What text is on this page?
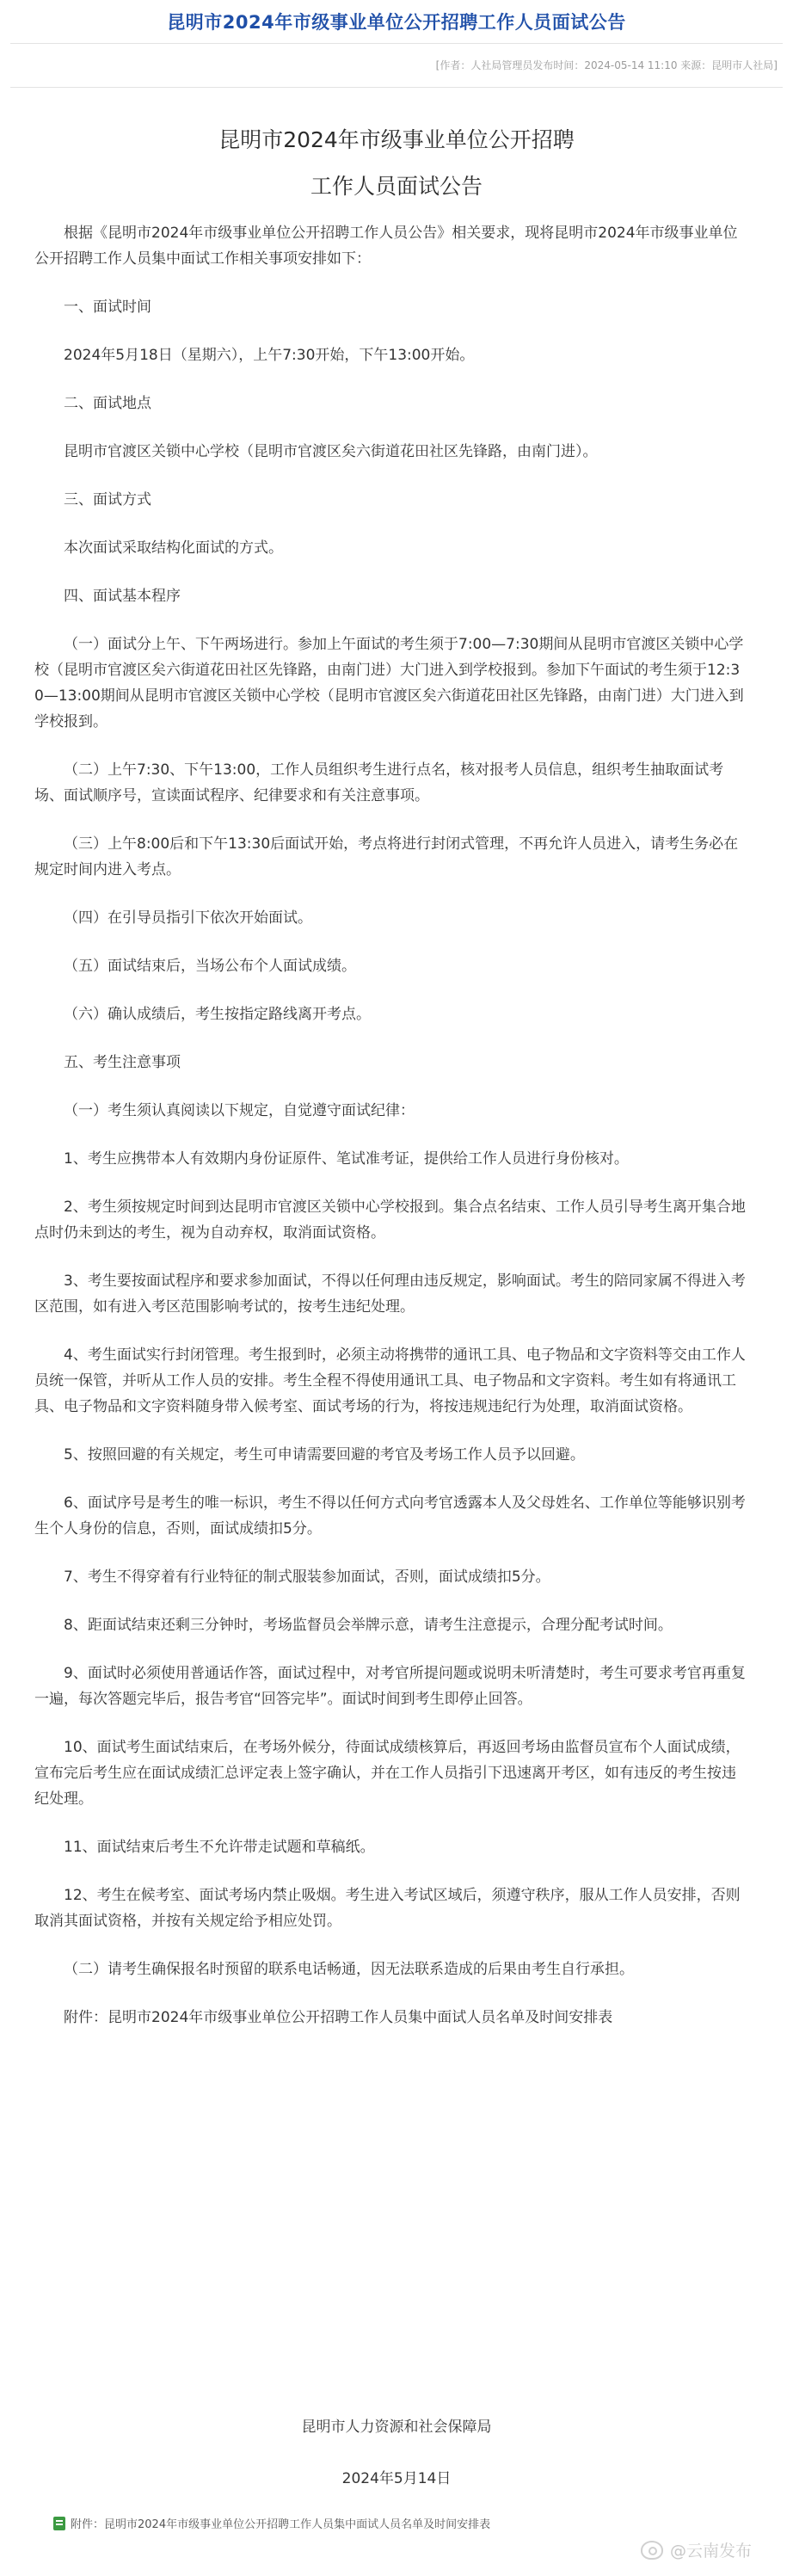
昆明市2024年市级事业单位公开招聘工作人员面试公告
[作者：人社局管理员发布时间：2024-05-14 11:10 来源：昆明市人社局]
昆明市2024年市级事业单位公开招聘
工作人员面试公告

根据《昆明市2024年市级事业单位公开招聘工作人员公告》相关要求，现将昆明市2024年市级事业单位公开招聘工作人员集中面试工作相关事项安排如下：

一、面试时间

2024年5月18日（星期六），上午7:30开始，下午13:00开始。

二、面试地点

昆明市官渡区关锁中心学校（昆明市官渡区矣六街道花田社区先锋路，由南门进）。

三、面试方式

本次面试采取结构化面试的方式。

四、面试基本程序

（一）面试分上午、下午两场进行。参加上午面试的考生须于7:00—7:30期间从昆明市官渡区关锁中心学校（昆明市官渡区矣六街道花田社区先锋路，由南门进）大门进入到学校报到。参加下午面试的考生须于12:30—13:00期间从昆明市官渡区关锁中心学校（昆明市官渡区矣六街道花田社区先锋路，由南门进）大门进入到学校报到。

（二）上午7:30、下午13:00，工作人员组织考生进行点名，核对报考人员信息，组织考生抽取面试考场、面试顺序号，宣读面试程序、纪律要求和有关注意事项。

（三）上午8:00后和下午13:30后面试开始，考点将进行封闭式管理，不再允许人员进入，请考生务必在规定时间内进入考点。

（四）在引导员指引下依次开始面试。

（五）面试结束后，当场公布个人面试成绩。

（六）确认成绩后，考生按指定路线离开考点。

五、考生注意事项

（一）考生须认真阅读以下规定，自觉遵守面试纪律：

1、考生应携带本人有效期内身份证原件、笔试准考证，提供给工作人员进行身份核对。

2、考生须按规定时间到达昆明市官渡区关锁中心学校报到。集合点名结束、工作人员引导考生离开集合地点时仍未到达的考生，视为自动弃权，取消面试资格。

3、考生要按面试程序和要求参加面试，不得以任何理由违反规定，影响面试。考生的陪同家属不得进入考区范围，如有进入考区范围影响考试的，按考生违纪处理。

4、考生面试实行封闭管理。考生报到时，必须主动将携带的通讯工具、电子物品和文字资料等交由工作人员统一保管，并听从工作人员的安排。考生全程不得使用通讯工具、电子物品和文字资料。考生如有将通讯工具、电子物品和文字资料随身带入候考室、面试考场的行为，将按违规违纪行为处理，取消面试资格。

5、按照回避的有关规定，考生可申请需要回避的考官及考场工作人员予以回避。

6、面试序号是考生的唯一标识，考生不得以任何方式向考官透露本人及父母姓名、工作单位等能够识别考生个人身份的信息，否则，面试成绩扣5分。

7、考生不得穿着有行业特征的制式服装参加面试，否则，面试成绩扣5分。

8、距面试结束还剩三分钟时，考场监督员会举牌示意，请考生注意提示，合理分配考试时间。

9、面试时必须使用普通话作答，面试过程中，对考官所提问题或说明未听清楚时，考生可要求考官再重复一遍，每次答题完毕后，报告考官“回答完毕”。面试时间到考生即停止回答。

10、面试考生面试结束后，在考场外候分，待面试成绩核算后，再返回考场由监督员宣布个人面试成绩，宣布完后考生应在面试成绩汇总评定表上签字确认，并在工作人员指引下迅速离开考区，如有违反的考生按违纪处理。

11、面试结束后考生不允许带走试题和草稿纸。

12、考生在候考室、面试考场内禁止吸烟。考生进入考试区域后，须遵守秩序，服从工作人员安排，否则取消其面试资格，并按有关规定给予相应处罚。

（二）请考生确保报名时预留的联系电话畅通，因无法联系造成的后果由考生自行承担。

附件：昆明市2024年市级事业单位公开招聘工作人员集中面试人员名单及时间安排表

昆明市人力资源和社会保障局
2024年5月14日
附件：昆明市2024年市级事业单位公开招聘工作人员集中面试人员名单及时间安排表
@云南发布
